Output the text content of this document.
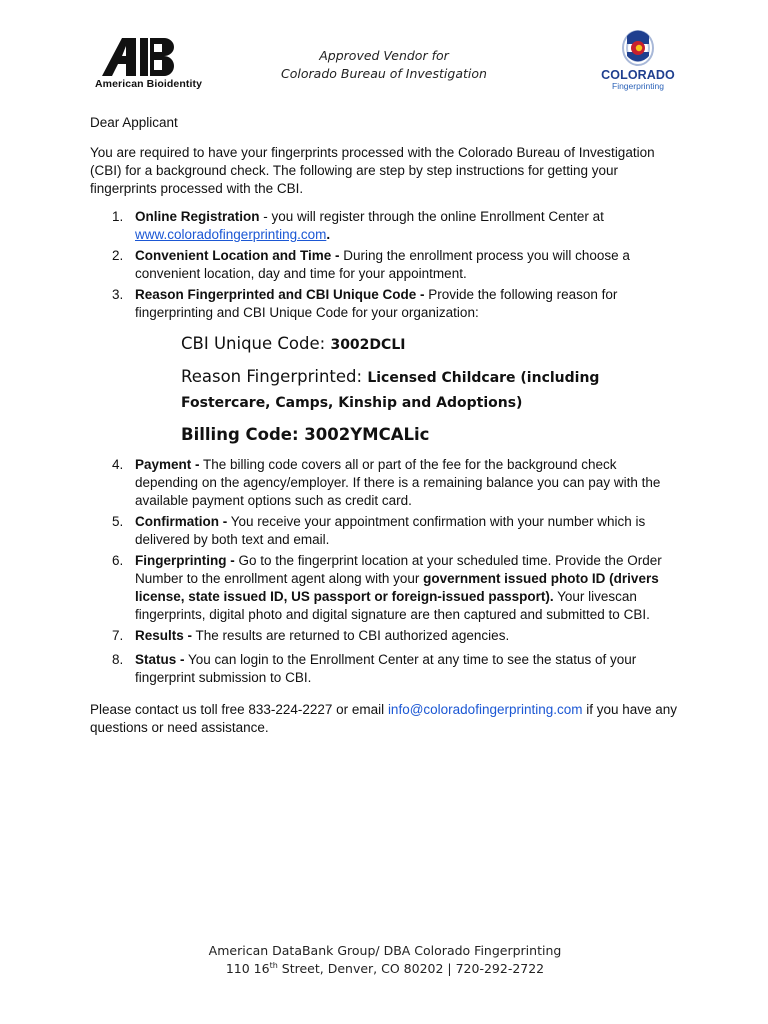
American Bioidentity
Approved Vendor for
Colorado Bureau of Investigation	COLORADO
Fingerprinting

Dear Applicant

You are required to have your fingerprints processed with the Colorado Bureau of Investigation (CBI) for a background check. The following are step by step instructions for getting your fingerprints processed with the CBI.

1. Online Registration - you will register through the online Enrollment Center at www.coloradofingerprinting.com.
2. Convenient Location and Time - During the enrollment process you will choose a convenient location, day and time for your appointment.
3. Reason Fingerprinted and CBI Unique Code - Provide the following reason for fingerprinting and CBI Unique Code for your organization:
CBI Unique Code: 3002DCLI
Reason Fingerprinted: Licensed Childcare (including Fostercare, Camps, Kinship and Adoptions)
Billing Code: 3002YMCALic
4. Payment - The billing code covers all or part of the fee for the background check depending on the agency/employer. If there is a remaining balance you can pay with the available payment options such as credit card.
5. Confirmation - You receive your appointment confirmation with your number which is delivered by both text and email.
6. Fingerprinting - Go to the fingerprint location at your scheduled time. Provide the Order Number to the enrollment agent along with your government issued photo ID (drivers license, state issued ID, US passport or foreign-issued passport). Your livescan fingerprints, digital photo and digital signature are then captured and submitted to CBI.
7. Results - The results are returned to CBI authorized agencies.
8. Status - You can login to the Enrollment Center at any time to see the status of your fingerprint submission to CBI.

Please contact us toll free 833-224-2227 or email info@coloradofingerprinting.com if you have any questions or need assistance.

American DataBank Group/ DBA Colorado Fingerprinting
110 16th Street, Denver, CO 80202 | 720-292-2722
